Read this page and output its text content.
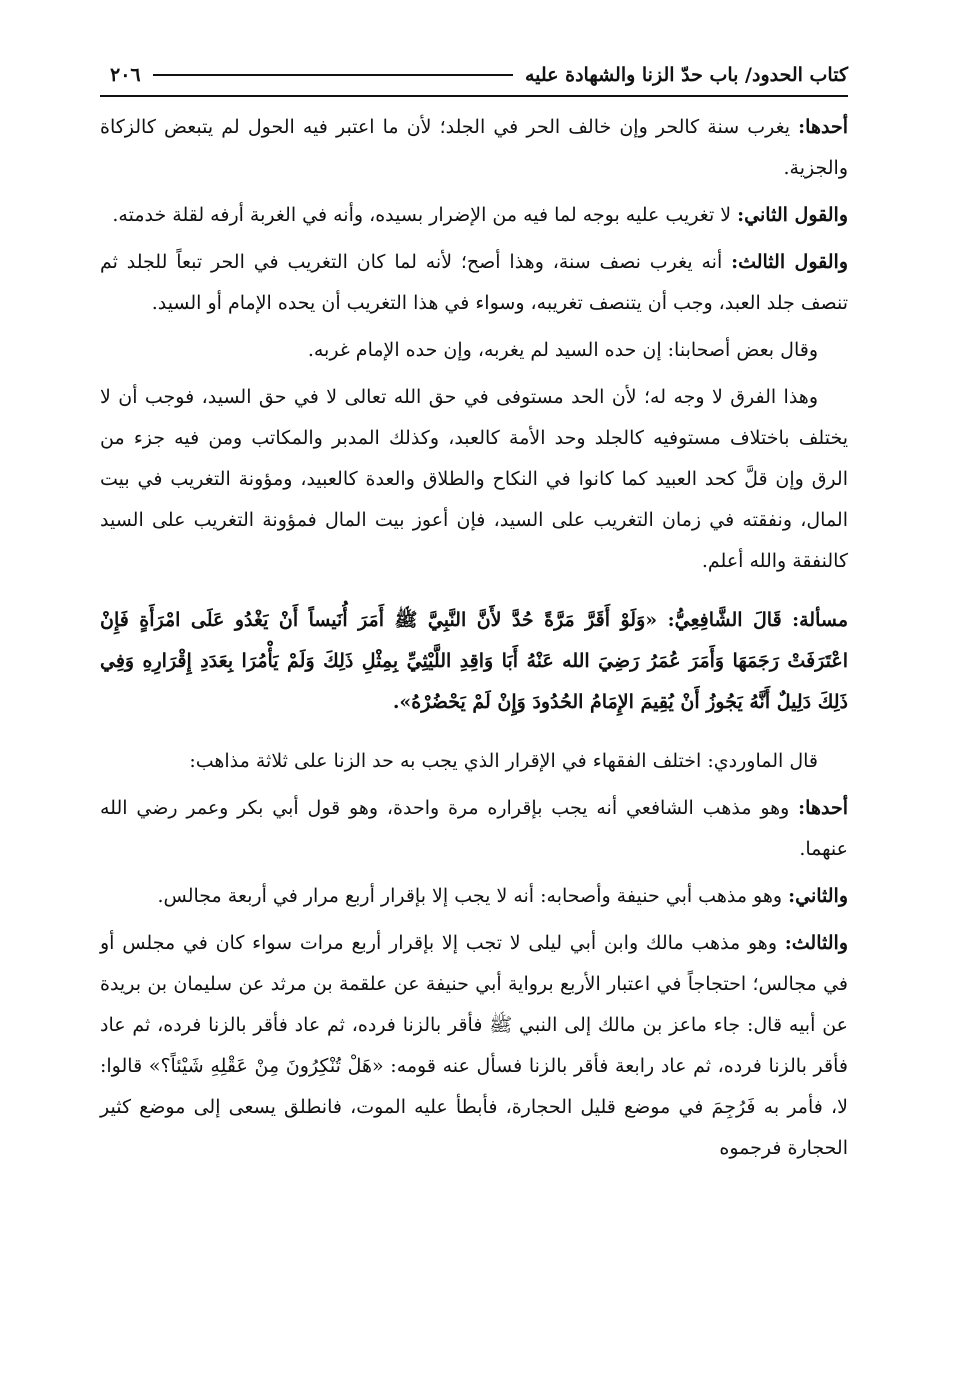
كتاب الحدود/ باب حدّ الزنا والشهادة عليه
٢٠٦

أحدها: يغرب سنة كالحر وإن خالف الحر في الجلد؛ لأن ما اعتبر فيه الحول لم يتبعض كالزكاة والجزية.

والقول الثاني: لا تغريب عليه بوجه لما فيه من الإضرار بسيده، وأنه في الغربة أرفه لقلة خدمته.

والقول الثالث: أنه يغرب نصف سنة، وهذا أصح؛ لأنه لما كان التغريب في الحر تبعاً للجلد ثم تنصف جلد العبد، وجب أن يتنصف تغريبه، وسواء في هذا التغريب أن يحده الإمام أو السيد.

وقال بعض أصحابنا: إن حده السيد لم يغربه، وإن حده الإمام غربه.

وهذا الفرق لا وجه له؛ لأن الحد مستوفى في حق الله تعالى لا في حق السيد، فوجب أن لا يختلف باختلاف مستوفيه كالجلد وحد الأمة كالعبد، وكذلك المدبر والمكاتب ومن فيه جزء من الرق وإن قلَّ كحد العبيد كما كانوا في النكاح والطلاق والعدة كالعبيد، ومؤونة التغريب في بيت المال، ونفقته في زمان التغريب على السيد، فإن أعوز بيت المال فمؤونة التغريب على السيد كالنفقة والله أعلم.

مسألة: قَالَ الشَّافِعِيُّ: «وَلَوْ أَقَرَّ مَرَّةً حُدَّ لأَنَّ النَّبِيَّ ﷺ أَمَرَ أُنَيساً أَنْ يَغْدُو عَلَى امْرَأَةٍ فَإِنْ اعْتَرَفَتْ رَجَمَهَا وَأَمَرَ عُمَرُ رَضِيَ الله عَنْهُ أَبَا وَاقِدِ اللَّيْثِيِّ بِمِثْلِ ذَلِكَ وَلَمْ يَأْمُرَا بِعَدَدِ إِقْرَارِهِ وَفِي ذَلِكَ دَلِيلٌ أَنَّهُ يَجُوزُ أَنْ يُقِيمَ الإِمَامُ الحُدُودَ وَإِنْ لَمْ يَحْضُرْهُ».

قال الماوردي: اختلف الفقهاء في الإقرار الذي يجب به حد الزنا على ثلاثة مذاهب:

أحدها: وهو مذهب الشافعي أنه يجب بإقراره مرة واحدة، وهو قول أبي بكر وعمر رضي الله عنهما.

والثاني: وهو مذهب أبي حنيفة وأصحابه: أنه لا يجب إلا بإقرار أربع مرار في أربعة مجالس.

والثالث: وهو مذهب مالك وابن أبي ليلى لا تجب إلا بإقرار أربع مرات سواء كان في مجلس أو في مجالس؛ احتجاجاً في اعتبار الأربع برواية أبي حنيفة عن علقمة بن مرثد عن سليمان بن بريدة عن أبيه قال: جاء ماعز بن مالك إلى النبي ﷺ فأقر بالزنا فرده، ثم عاد فأقر بالزنا فرده، ثم عاد فأقر بالزنا فرده، ثم عاد رابعة فأقر بالزنا فسأل عنه قومه: «هَلْ تُنْكِرُونَ مِنْ عَقْلِهِ شَيْئاً؟» قالوا: لا، فأمر به فَرُجِمَ في موضع قليل الحجارة، فأبطأ عليه الموت، فانطلق يسعى إلى موضع كثير الحجارة فرجموه
